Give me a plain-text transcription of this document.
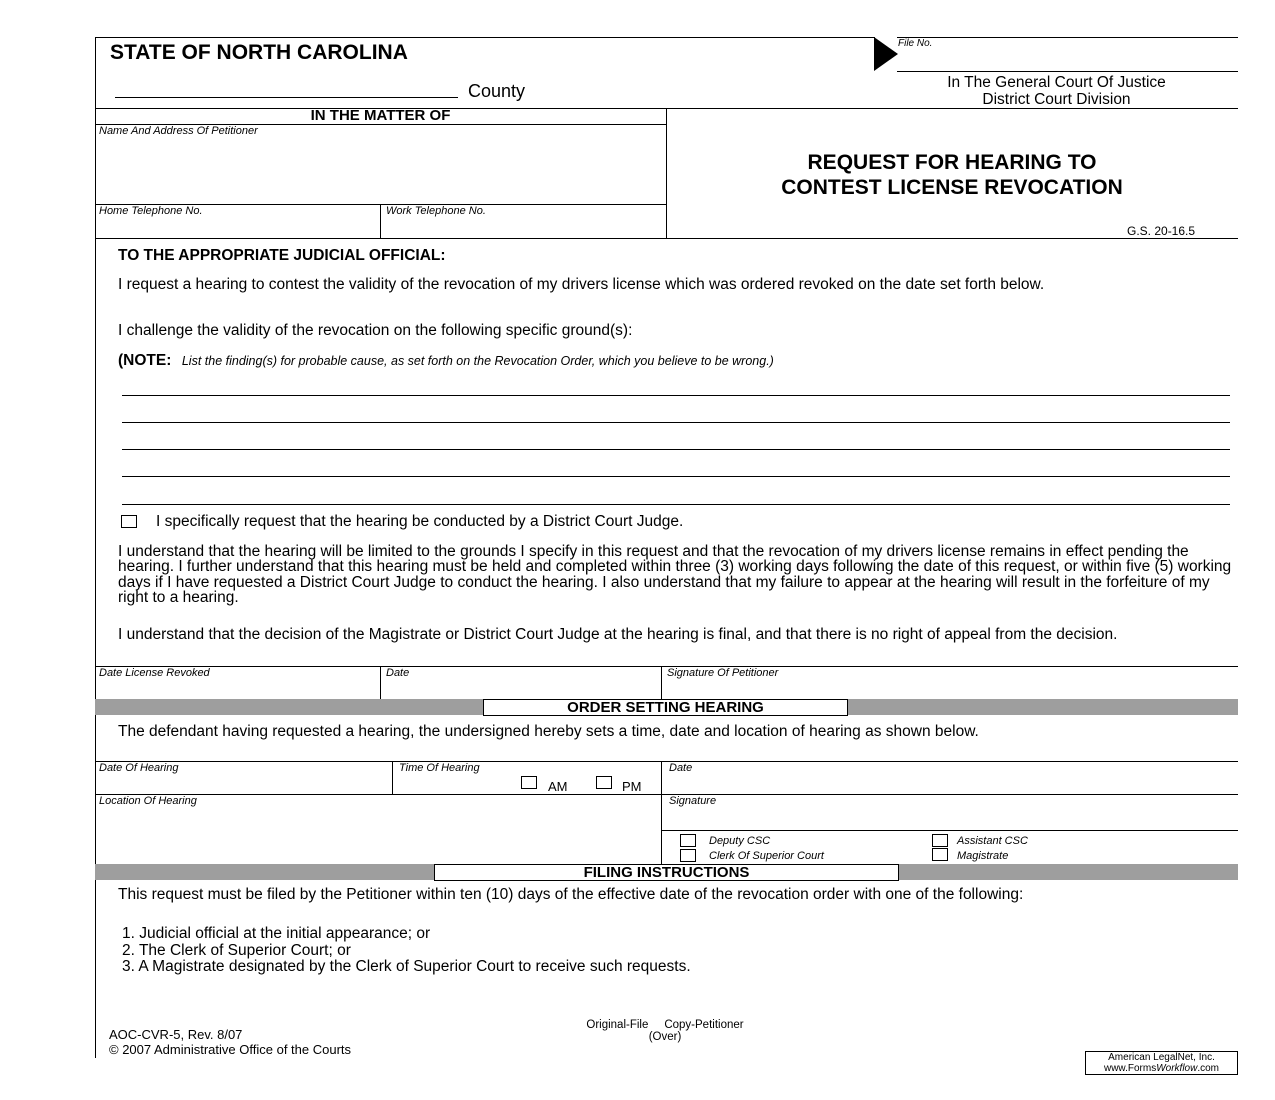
STATE OF NORTH CAROLINA
County
File No.
In The General Court Of Justice
District Court Division
IN THE MATTER OF
Name And Address Of Petitioner
Home Telephone No.	Work Telephone No.
REQUEST FOR HEARING TO
CONTEST LICENSE REVOCATION
G.S. 20-16.5
TO THE APPROPRIATE JUDICIAL OFFICIAL:
I request a hearing to contest the validity of the revocation of my drivers license which was ordered revoked on the date set forth below.
I challenge the validity of the revocation on the following specific ground(s):
(NOTE: List the finding(s) for probable cause, as set forth on the Revocation Order, which you believe to be wrong.)
I specifically request that the hearing be conducted by a District Court Judge.
I understand that the hearing will be limited to the grounds I specify in this request and that the revocation of my drivers license remains in effect pending the hearing. I further understand that this hearing must be held and completed within three (3) working days following the date of this request, or within five (5) working days if I have requested a District Court Judge to conduct the hearing. I also understand that my failure to appear at the hearing will result in the forfeiture of my right to a hearing.
I understand that the decision of the Magistrate or District Court Judge at the hearing is final, and that there is no right of appeal from the decision.
Date License Revoked	Date	Signature Of Petitioner
ORDER SETTING HEARING
The defendant having requested a hearing, the undersigned hereby sets a time, date and location of hearing as shown below.
Date Of Hearing	Time Of Hearing	Date
AM	PM
Location Of Hearing	Signature
Deputy CSC
Clerk Of Superior Court
Assistant CSC
Magistrate
FILING INSTRUCTIONS
This request must be filed by the Petitioner within ten (10) days of the effective date of the revocation order with one of the following:
1. Judicial official at the initial appearance; or
2. The Clerk of Superior Court; or
3. A Magistrate designated by the Clerk of Superior Court to receive such requests.
AOC-CVR-5, Rev. 8/07
© 2007 Administrative Office of the Courts
Original-File     Copy-Petitioner
(Over)
American LegalNet, Inc.
www.FormsWorkflow.com
